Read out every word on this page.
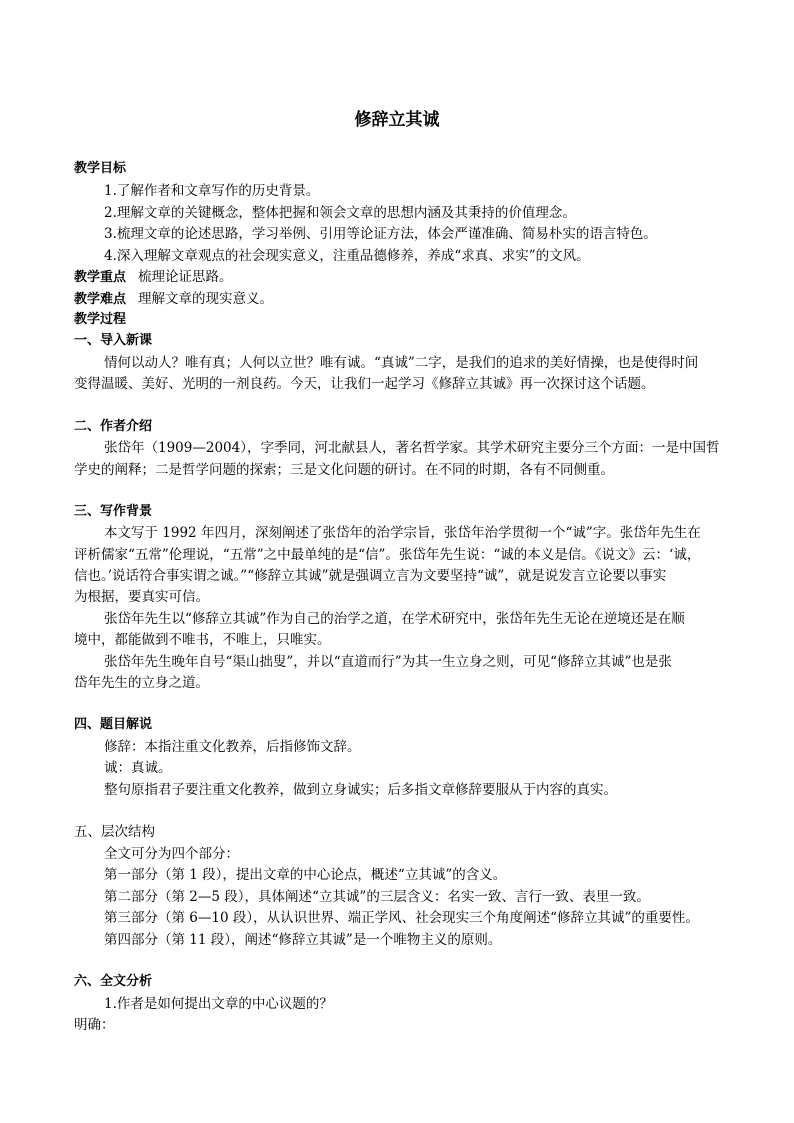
修辞立其诚
教学目标
1.了解作者和文章写作的历史背景。
2.理解文章的关键概念，整体把握和领会文章的思想内涵及其秉持的价值理念。
3.梳理文章的论述思路，学习举例、引用等论证方法，体会严谨准确、简易朴实的语言特色。
4.深入理解文章观点的社会现实意义，注重品德修养，养成“求真、求实”的文风。
教学重点 梳理论证思路。
教学难点 理解文章的现实意义。
教学过程
一、导入新课
情何以动人？唯有真；人何以立世？唯有诚。“真诚”二字，是我们的追求的美好情操，也是使得时间
变得温暖、美好、光明的一剂良药。今天，让我们一起学习《修辞立其诚》再一次探讨这个话题。
二、作者介绍
张岱年（1909—2004），字季同，河北献县人，著名哲学家。其学术研究主要分三个方面：一是中国哲
学史的阐释；二是哲学问题的探索；三是文化问题的研讨。在不同的时期，各有不同侧重。
三、写作背景
本文写于 1992 年四月，深刻阐述了张岱年的治学宗旨，张岱年治学贯彻一个“诚”字。张岱年先生在
评析儒家“五常”伦理说，“五常”之中最单纯的是“信”。张岱年先生说：“诚的本义是信。《说文》云：‘诚，
信也。’说话符合事实谓之诚。”“修辞立其诚”就是强调立言为文要坚持“诚”，就是说发言立论要以事实
为根据，要真实可信。
张岱年先生以“修辞立其诚”作为自己的治学之道，在学术研究中，张岱年先生无论在逆境还是在顺
境中，都能做到不唯书，不唯上，只唯实。
张岱年先生晚年自号“渠山拙叟”，并以“直道而行”为其一生立身之则，可见“修辞立其诚”也是张
岱年先生的立身之道。
四、题目解说
修辞：本指注重文化教养，后指修饰文辞。
诚：真诚。
整句原指君子要注重文化教养，做到立身诚实；后多指文章修辞要服从于内容的真实。
五、层次结构
全文可分为四个部分：
第一部分（第 1 段），提出文章的中心论点，概述“立其诚”的含义。
第二部分（第 2—5 段），具体阐述“立其诚”的三层含义：名实一致、言行一致、表里一致。
第三部分（第 6—10 段），从认识世界、端正学风、社会现实三个角度阐述“修辞立其诚”的重要性。
第四部分（第 11 段），阐述“修辞立其诚”是一个唯物主义的原则。
六、全文分析
1.作者是如何提出文章的中心议题的？
明确：
